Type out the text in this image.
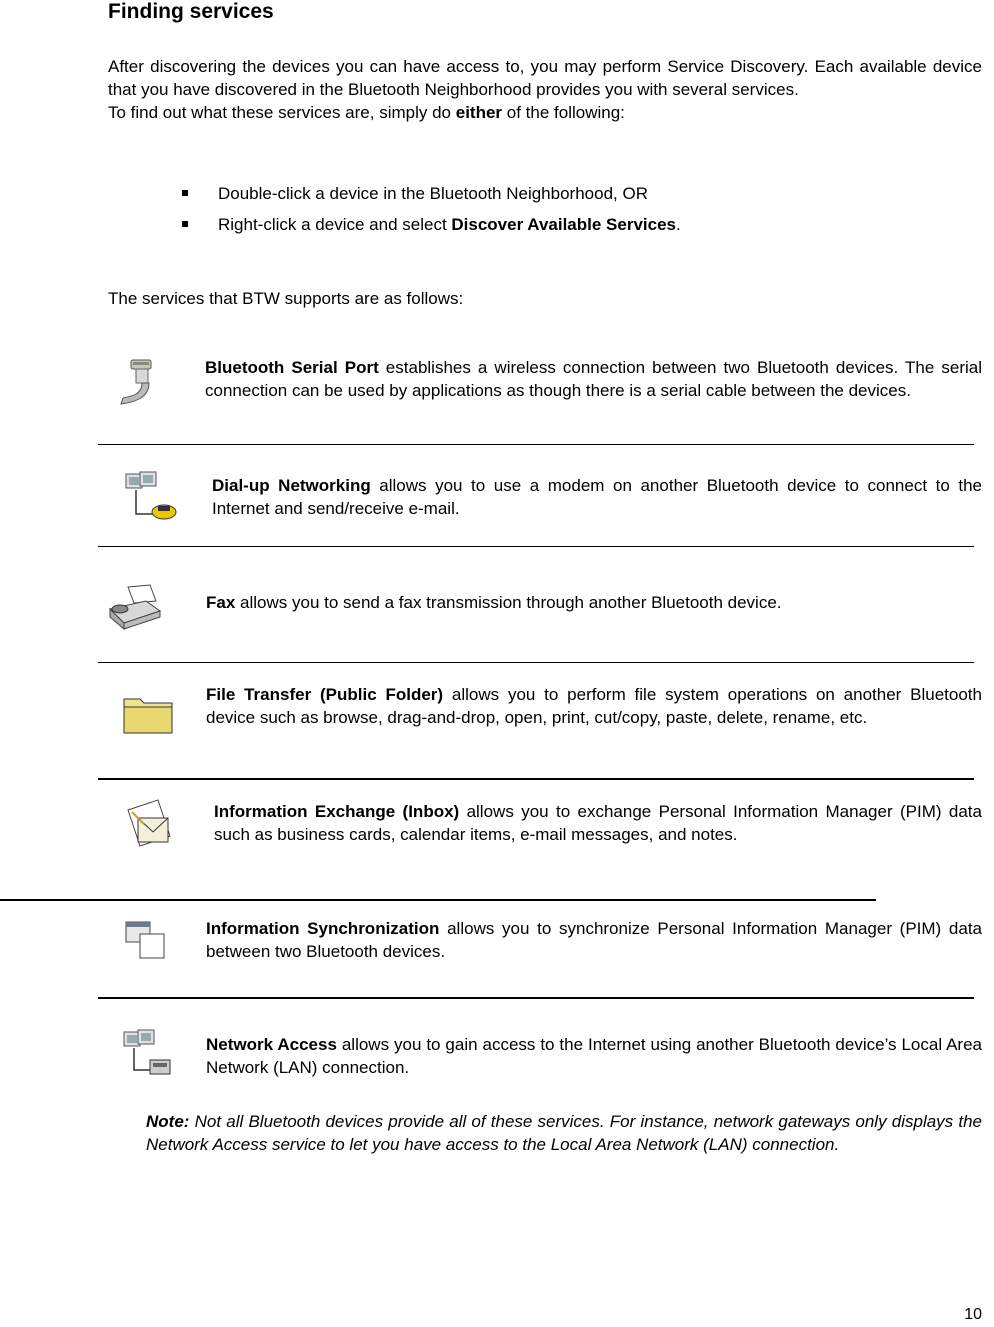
Finding services
After discovering the devices you can have access to, you may perform Service Discovery. Each available device that you have discovered in the Bluetooth Neighborhood provides you with several services.
To find out what these services are, simply do either of the following:
Double-click a device in the Bluetooth Neighborhood, OR
Right-click a device and select Discover Available Services.
The services that BTW supports are as follows:
Bluetooth Serial Port establishes a wireless connection between two Bluetooth devices. The serial connection can be used by applications as though there is a serial cable between the devices.
Dial-up Networking allows you to use a modem on another Bluetooth device to connect to the Internet and send/receive e-mail.
Fax allows you to send a fax transmission through another Bluetooth device.
File Transfer (Public Folder) allows you to perform file system operations on another Bluetooth device such as browse, drag-and-drop, open, print, cut/copy, paste, delete, rename, etc.
Information Exchange (Inbox) allows you to exchange Personal Information Manager (PIM) data such as business cards, calendar items, e-mail messages, and notes.
Information Synchronization allows you to synchronize Personal Information Manager (PIM) data between two Bluetooth devices.
Network Access allows you to gain access to the Internet using another Bluetooth device’s Local Area Network (LAN) connection.
Note: Not all Bluetooth devices provide all of these services. For instance, network gateways only displays the Network Access service to let you have access to the Local Area Network (LAN) connection.
10
